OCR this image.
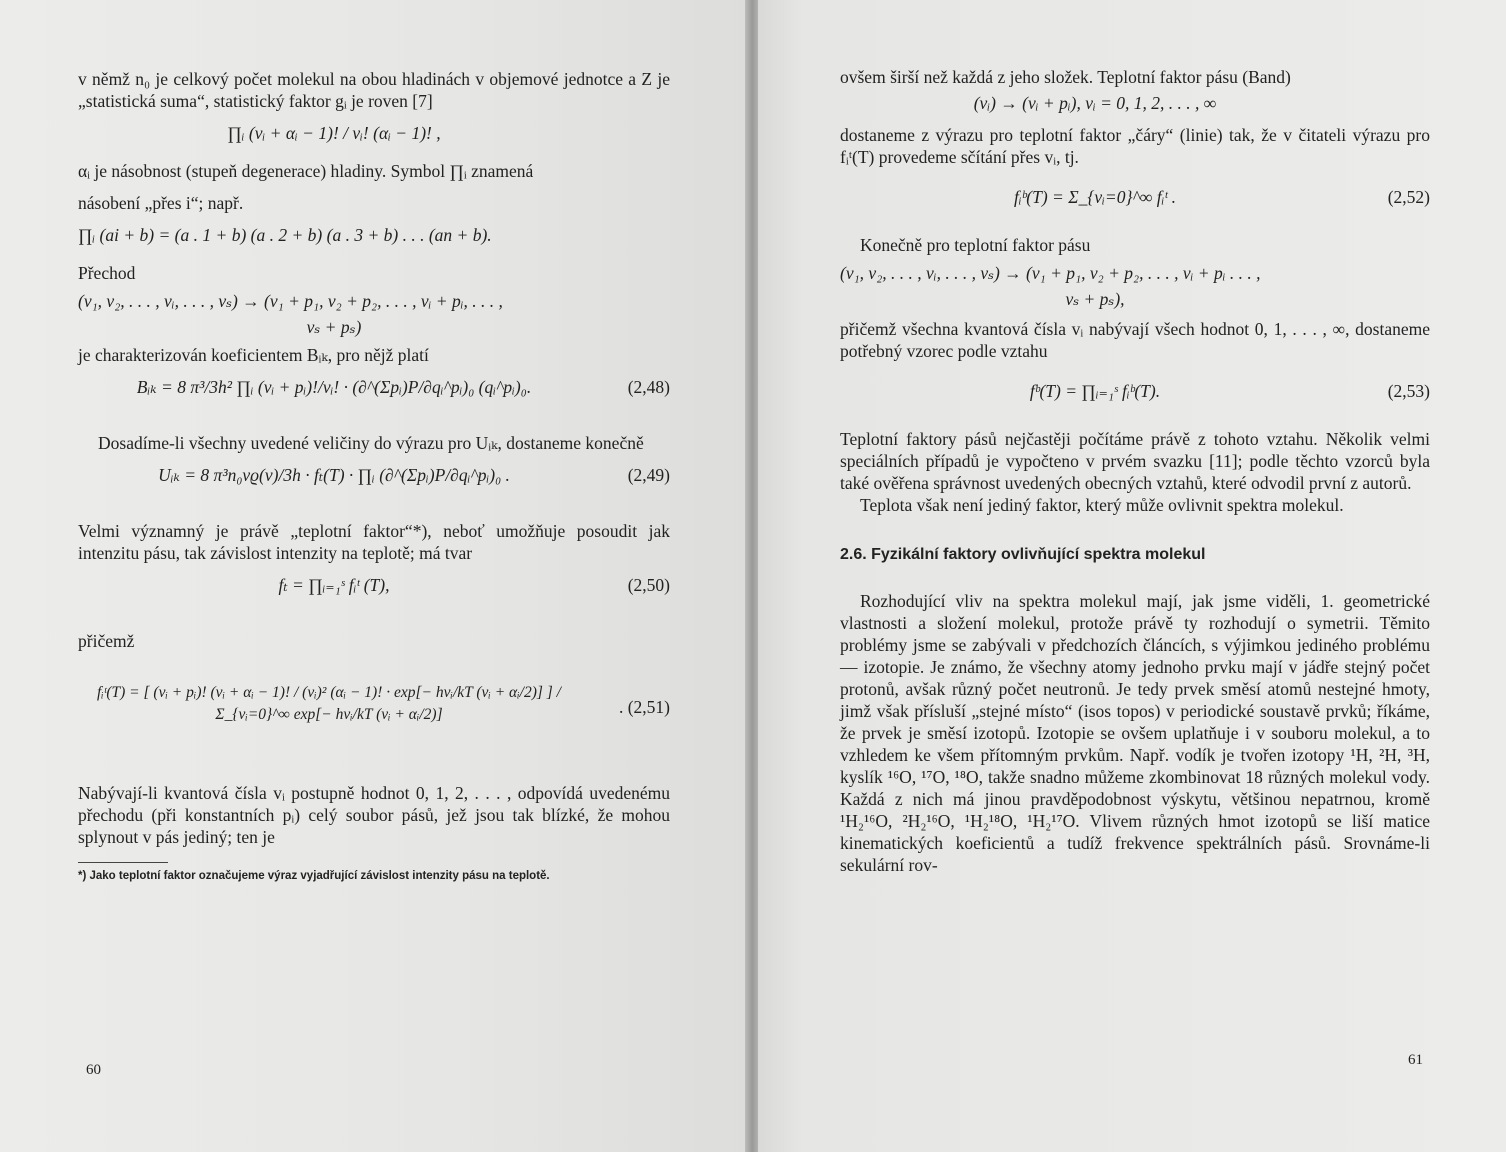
v němž n₀ je celkový počet molekul na obou hladinách v objemové jednotce a Z je „statistická suma“, statistický faktor gᵢ je roven [7]

∏ᵢ (vᵢ + αᵢ − 1)! / vᵢ! (αᵢ − 1)! ,

αᵢ je násobnost (stupeň degenerace) hladiny. Symbol ∏ᵢ znamená

násobení „přes i“; např.

∏ᵢ (ai + b) = (a . 1 + b) (a . 2 + b) (a . 3 + b) . . . (an + b).

Přechod

(v₁, v₂, . . . , vᵢ, . . . , vₛ) → (v₁ + p₁, v₂ + p₂, . . . , vᵢ + pᵢ, . . . ,
vₛ + pₛ)

je charakterizován koeficientem Bᵢₖ, pro nějž platí

Bᵢₖ = 8 π³/3h² ∏ᵢ (vᵢ + pᵢ)!/vᵢ! · (∂^(Σpᵢ)P/∂qᵢ^pᵢ)₀ (qᵢ^pᵢ)₀.	(2,48)

Dosadíme-li všechny uvedené veličiny do výrazu pro Uᵢₖ, dostaneme konečně

Uᵢₖ = 8 π³n₀νϱ(ν)/3h · fₜ(T) · ∏ᵢ (∂^(Σpᵢ)P/∂qᵢ^pᵢ)₀ .	(2,49)

Velmi významný je právě „teplotní faktor“*), neboť umožňuje posoudit jak intenzitu pásu, tak závislost intenzity na teplotě; má tvar

fₜ = ∏ᵢ₌₁ˢ fᵢᵗ (T),	(2,50)

přičemž

fᵢᵗ(T) = [ (vᵢ + pᵢ)! (vᵢ + αᵢ − 1)! / (vᵢ)² (αᵢ − 1)! · exp[− hνᵢ/kT (vᵢ + αᵢ/2)] ] / Σ_{vᵢ=0}^∞ exp[− hνᵢ/kT (vᵢ + αᵢ/2)]	. (2,51)

Nabývají-li kvantová čísla vᵢ postupně hodnot 0, 1, 2, . . . , odpovídá uvedenému přechodu (při konstantních pᵢ) celý soubor pásů, jež jsou tak blízké, že mohou splynout v pás jediný; ten je

*) Jako teplotní faktor označujeme výraz vyjadřující závislost intenzity pásu na teplotě.

60

ovšem širší než každá z jeho složek. Teplotní faktor pásu (Band)

(vᵢ) → (vᵢ + pᵢ), vᵢ = 0, 1, 2, . . . , ∞

dostaneme z výrazu pro teplotní faktor „čáry“ (linie) tak, že v čitateli výrazu pro fᵢᵗ(T) provedeme sčítání přes vᵢ, tj.

fᵢᵇ(T) = Σ_{vᵢ=0}^∞ fᵢᵗ .	(2,52)

Konečně pro teplotní faktor pásu

(v₁, v₂, . . . , vᵢ, . . . , vₛ) → (v₁ + p₁, v₂ + p₂, . . . , vᵢ + pᵢ . . . ,
vₛ + pₛ),

přičemž všechna kvantová čísla vᵢ nabývají všech hodnot 0, 1, . . . , ∞, dostaneme potřebný vzorec podle vztahu

fᵇ(T) = ∏ᵢ₌₁ˢ fᵢᵇ(T).	(2,53)

Teplotní faktory pásů nejčastěji počítáme právě z tohoto vztahu. Několik velmi speciálních případů je vypočteno v prvém svazku [11]; podle těchto vzorců byla také ověřena správnost uvedených obecných vztahů, které odvodil první z autorů.

Teplota však není jediný faktor, který může ovlivnit spektra molekul.

2.6. Fyzikální faktory ovlivňující spektra molekul

Rozhodující vliv na spektra molekul mají, jak jsme viděli, 1. geometrické vlastnosti a složení molekul, protože právě ty rozhodují o symetrii. Těmito problémy jsme se zabývali v předchozích článcích, s výjimkou jediného problému — izotopie. Je známo, že všechny atomy jednoho prvku mají v jádře stejný počet protonů, avšak různý počet neutronů. Je tedy prvek směsí atomů nestejné hmoty, jimž však přísluší „stejné místo“ (isos topos) v periodické soustavě prvků; říkáme, že prvek je směsí izotopů. Izotopie se ovšem uplatňuje i v souboru molekul, a to vzhledem ke všem přítomným prvkům. Např. vodík je tvořen izotopy ¹H, ²H, ³H, kyslík ¹⁶O, ¹⁷O, ¹⁸O, takže snadno můžeme zkombinovat 18 různých molekul vody. Každá z nich má jinou pravděpodobnost výskytu, většinou nepatrnou, kromě ¹H₂¹⁶O, ²H₂¹⁶O, ¹H₂¹⁸O, ¹H₂¹⁷O. Vlivem různých hmot izotopů se liší matice kinematických koeficientů a tudíž frekvence spektrálních pásů. Srovnáme-li sekulární rov-

61
